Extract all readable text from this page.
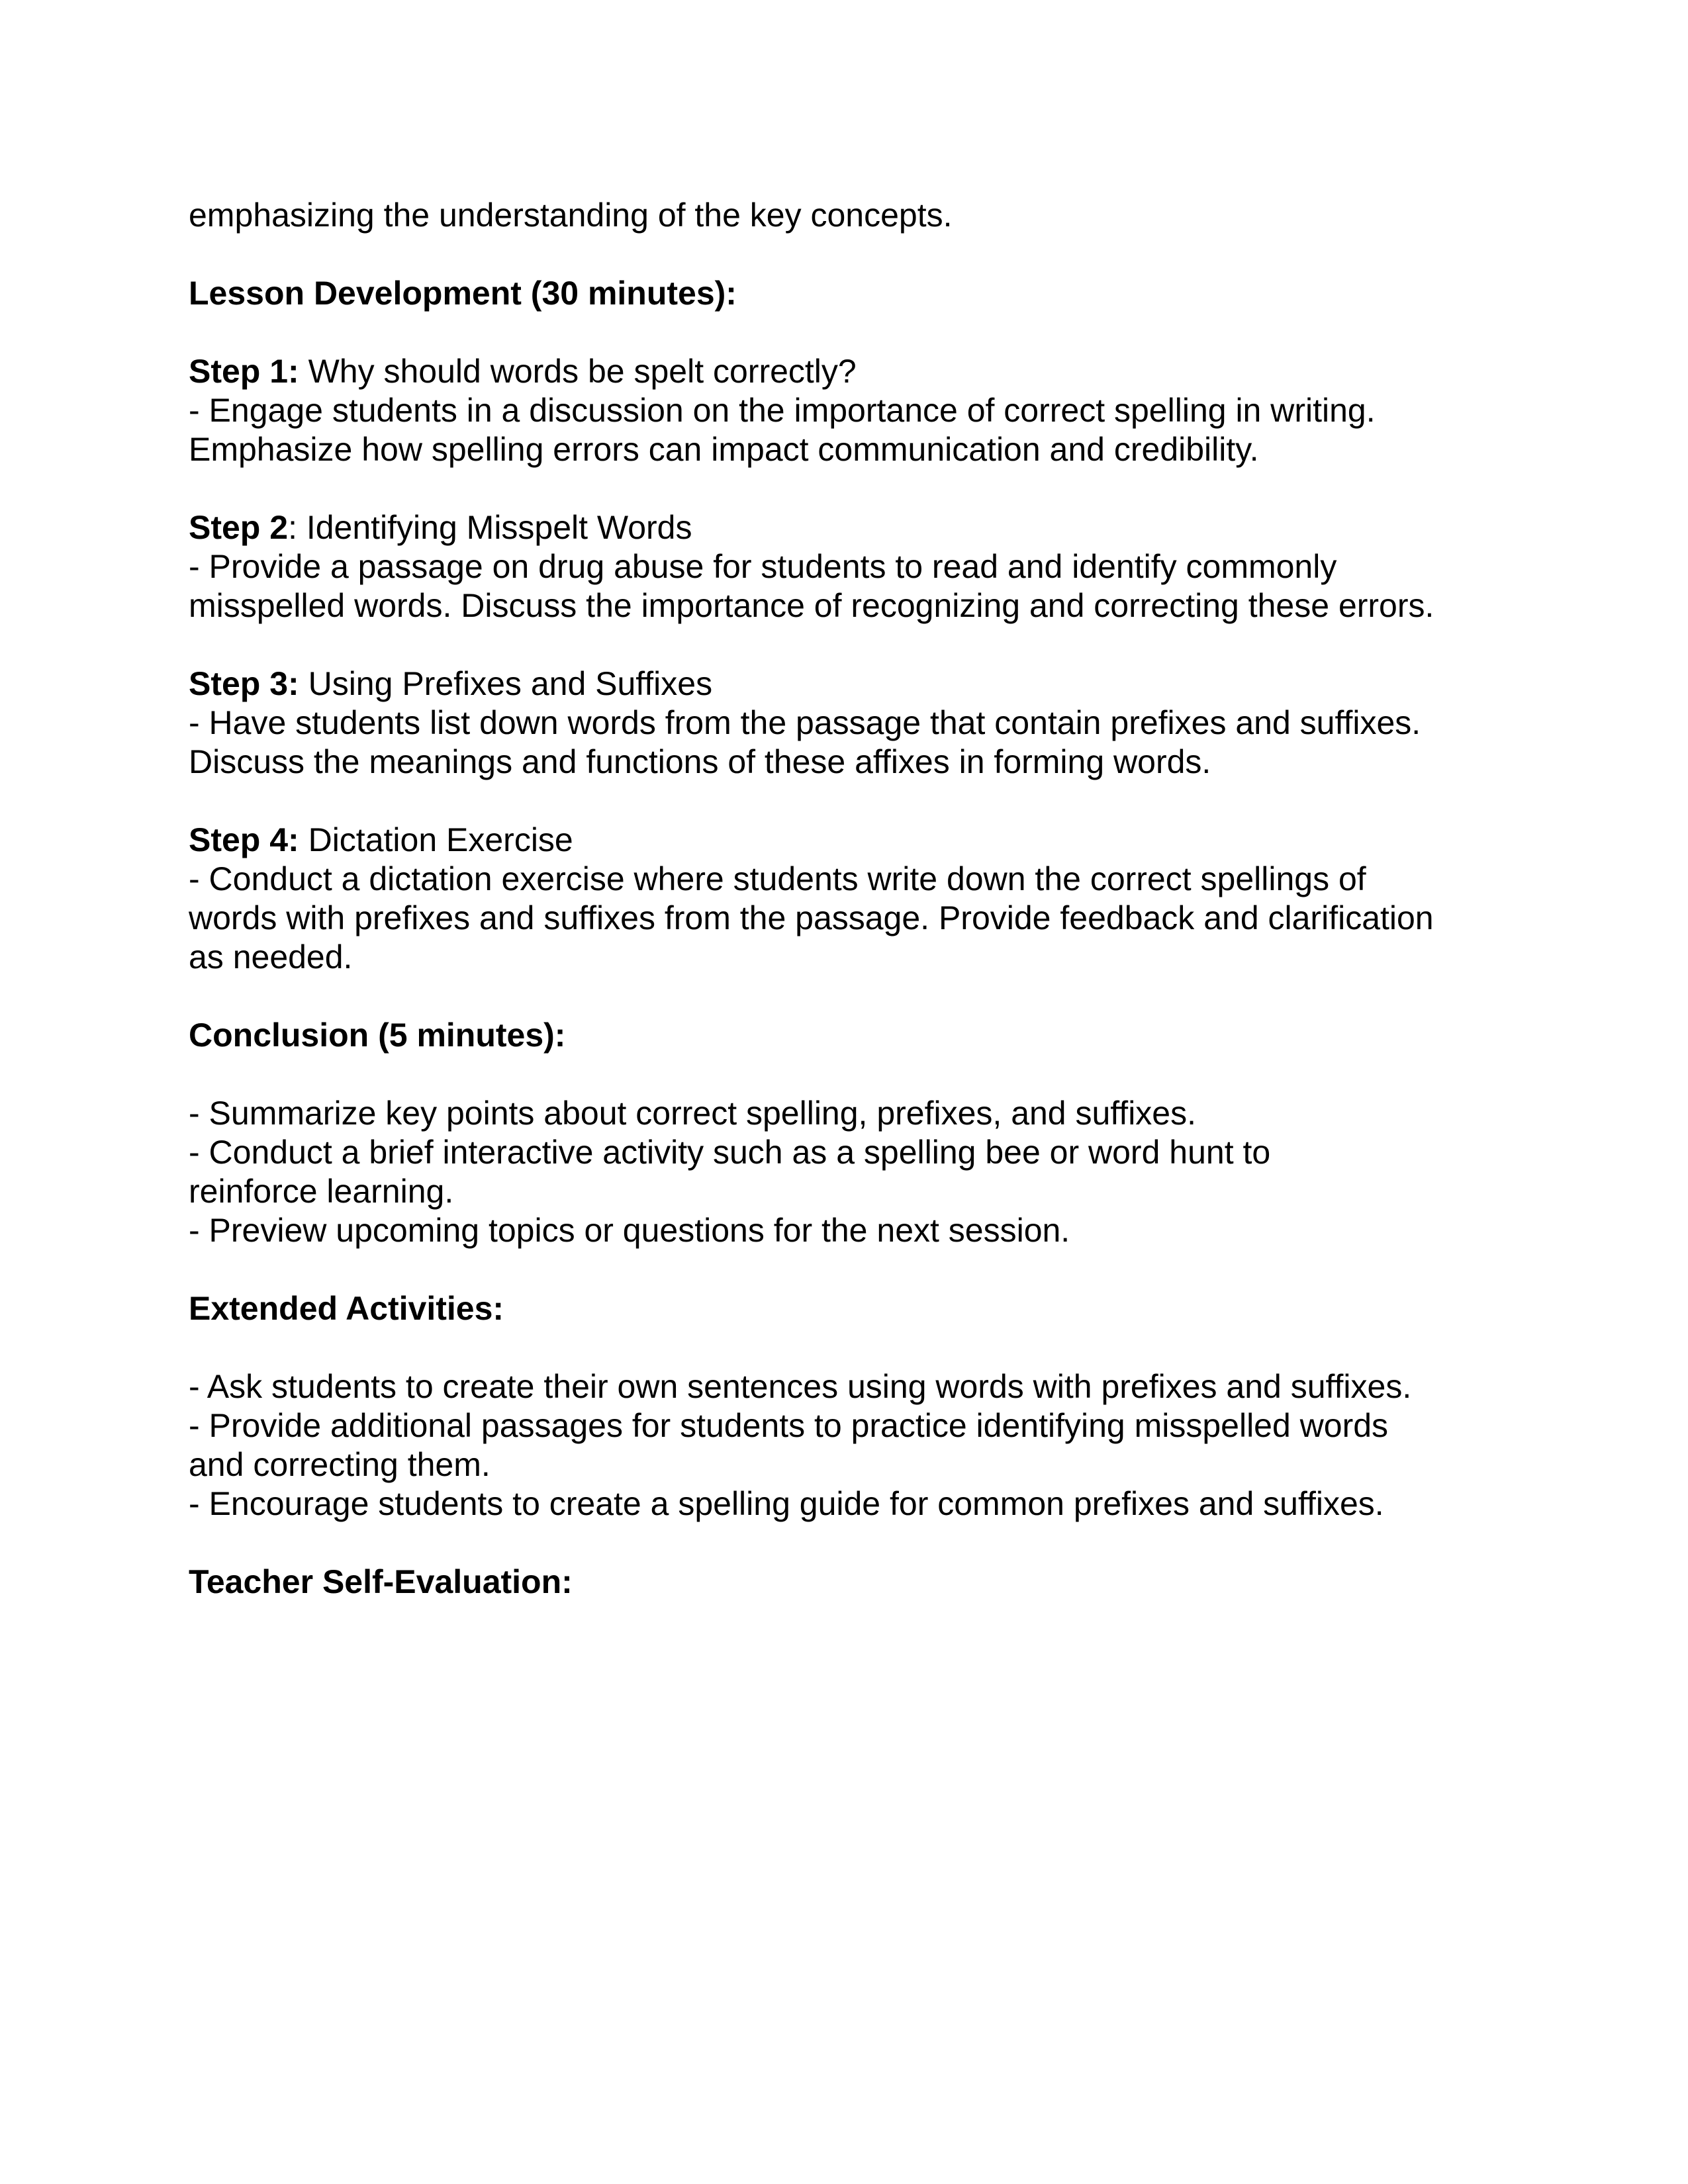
emphasizing the understanding of the key concepts.

Lesson Development (30 minutes):

Step 1: Why should words be spelt correctly?
- Engage students in a discussion on the importance of correct spelling in writing.
Emphasize how spelling errors can impact communication and credibility.

Step 2: Identifying Misspelt Words
- Provide a passage on drug abuse for students to read and identify commonly
misspelled words. Discuss the importance of recognizing and correcting these errors.

Step 3: Using Prefixes and Suffixes
- Have students list down words from the passage that contain prefixes and suffixes.
Discuss the meanings and functions of these affixes in forming words.

Step 4: Dictation Exercise
- Conduct a dictation exercise where students write down the correct spellings of
words with prefixes and suffixes from the passage. Provide feedback and clarification
as needed.

Conclusion (5 minutes):

- Summarize key points about correct spelling, prefixes, and suffixes.
- Conduct a brief interactive activity such as a spelling bee or word hunt to
reinforce learning.
- Preview upcoming topics or questions for the next session.

Extended Activities:

- Ask students to create their own sentences using words with prefixes and suffixes.
- Provide additional passages for students to practice identifying misspelled words
and correcting them.
- Encourage students to create a spelling guide for common prefixes and suffixes.

Teacher Self-Evaluation:
